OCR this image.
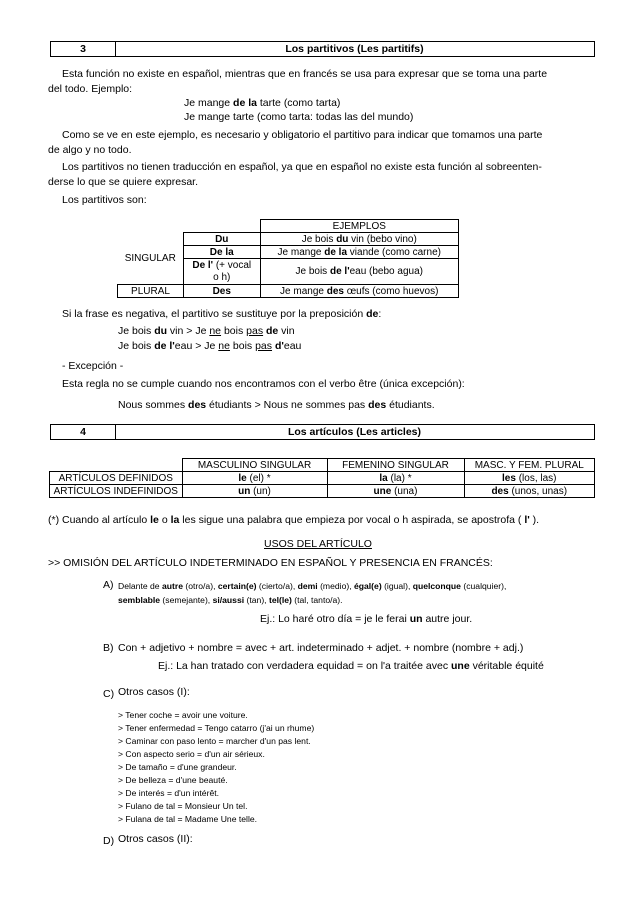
3	Los partitivos (Les partitifs)
Esta función no existe en español, mientras que en francés se usa para expresar que se toma una parte
del todo. Ejemplo:
Je mange de la tarte (como tarta)
Je mange tarte (como tarta: todas las del mundo)
Como se ve en este ejemplo, es necesario y obligatorio el partitivo para indicar que tomamos una parte
de algo y no todo.
Los partitivos no tienen traducción en español, ya que en español no existe esta función al sobreenten-
derse lo que se quiere expresar.
Los partitivos son:
		EJEMPLOS
SINGULAR	Du	Je bois du vin (bebo vino)
	De la	Je mange de la viande (como carne)
	De l' (+ vocal
o h)	Je bois de l'eau (bebo agua)
PLURAL	Des	Je mange des œufs (como huevos)
Si la frase es negativa, el partitivo se sustituye por la preposición de:
Je bois du vin > Je ne bois pas de vin
Je bois de l'eau > Je ne bois pas d'eau
- Excepción -
Esta regla no se cumple cuando nos encontramos con el verbo être (única excepción):
Nous sommes des étudiants > Nous ne sommes pas des étudiants.
4	Los artículos (Les articles)
	MASCULINO SINGULAR	FEMENINO SINGULAR	MASC. Y FEM. PLURAL
ARTÍCULOS DEFINIDOS	le (el) *	la (la) *	les (los, las)
ARTÍCULOS INDEFINIDOS	un (un)	une (una)	des (unos, unas)
(*) Cuando al artículo le o la les sigue una palabra que empieza por vocal o h aspirada, se apostrofa ( l' ).
USOS DEL ARTÍCULO
>> OMISIÓN DEL ARTÍCULO INDETERMINADO EN ESPAÑOL Y PRESENCIA EN FRANCÉS:
A) Delante de autre (otro/a), certain(e) (cierto/a), demi (medio), égal(e) (igual), quelconque (cualquier),
semblable (semejante), si/aussi (tan), tel(le) (tal, tanto/a).
Ej.: Lo haré otro día = je le ferai un autre jour.
B) Con + adjetivo + nombre = avec + art. indeterminado + adjet. + nombre (nombre + adj.)
Ej.: La han tratado con verdadera equidad = on l'a traitée avec une véritable équité
C) Otros casos (I):
> Tener coche = avoir une voiture.
> Tener enfermedad = Tengo catarro (j'ai un rhume)
> Caminar con paso lento = marcher d'un pas lent.
> Con aspecto serio = d'un air sérieux.
> De tamaño = d'une grandeur.
> De belleza = d'une beauté.
> De interés = d'un intérêt.
> Fulano de tal = Monsieur Un tel.
> Fulana de tal = Madame Une telle.
D) Otros casos (II):
